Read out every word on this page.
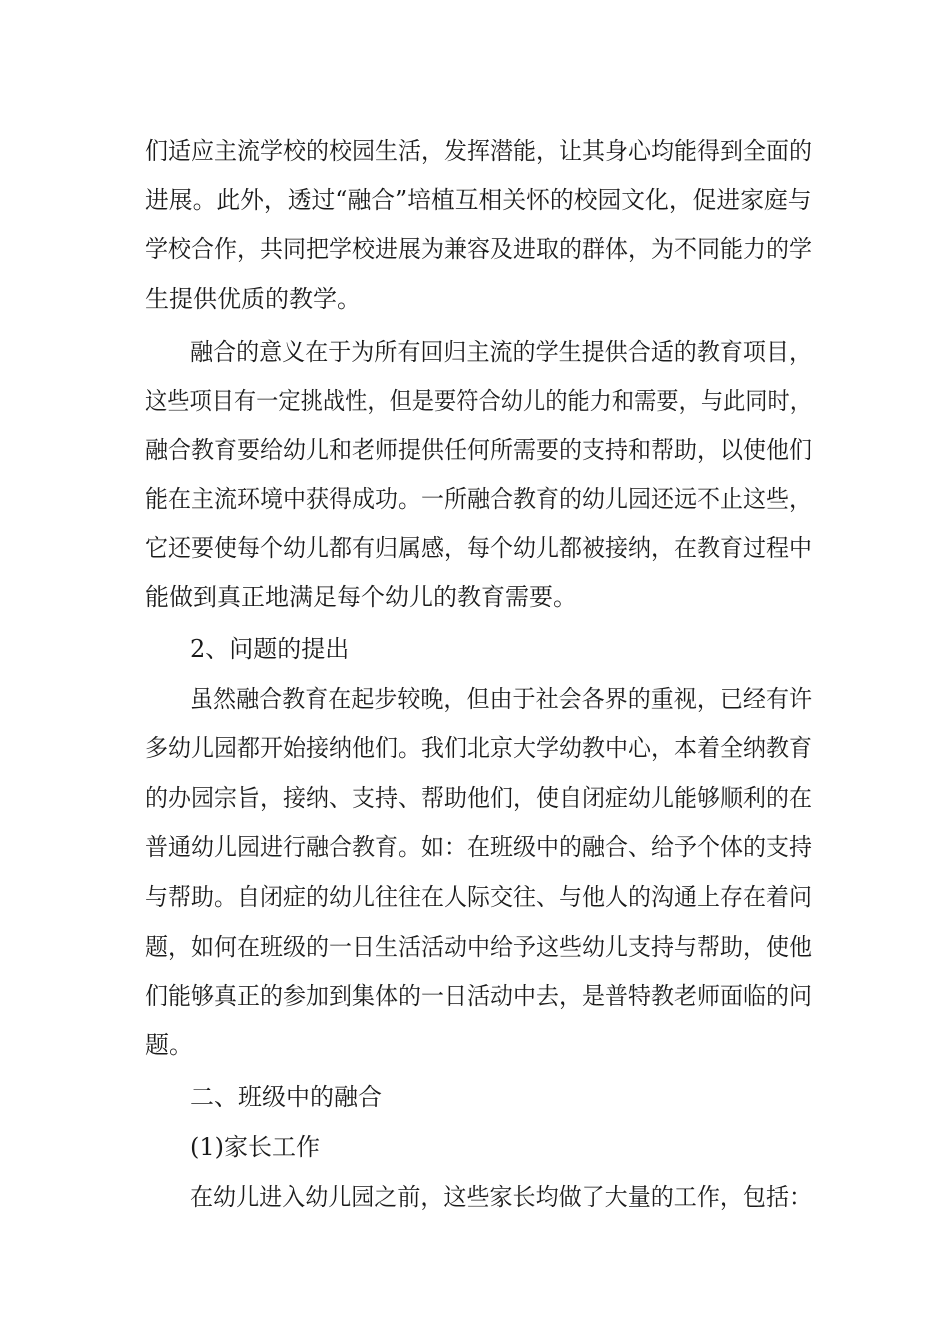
们适应主流学校的校园生活，发挥潜能，让其身心均能得到全面的
进展。此外，透过“融合”培植互相关怀的校园文化，促进家庭与
学校合作，共同把学校进展为兼容及进取的群体，为不同能力的学
生提供优质的教学。
融合的意义在于为所有回归主流的学生提供合适的教育项目，
这些项目有一定挑战性，但是要符合幼儿的能力和需要，与此同时，
融合教育要给幼儿和老师提供任何所需要的支持和帮助，以使他们
能在主流环境中获得成功。一所融合教育的幼儿园还远不止这些，
它还要使每个幼儿都有归属感，每个幼儿都被接纳，在教育过程中
能做到真正地满足每个幼儿的教育需要。
2、问题的提出
虽然融合教育在起步较晚，但由于社会各界的重视，已经有许
多幼儿园都开始接纳他们。我们北京大学幼教中心，本着全纳教育
的办园宗旨，接纳、支持、帮助他们，使自闭症幼儿能够顺利的在
普通幼儿园进行融合教育。如：在班级中的融合、给予个体的支持
与帮助。自闭症的幼儿往往在人际交往、与他人的沟通上存在着问
题，如何在班级的一日生活活动中给予这些幼儿支持与帮助，使他
们能够真正的参加到集体的一日活动中去，是普特教老师面临的问
题。
二、班级中的融合
(1)家长工作
在幼儿进入幼儿园之前，这些家长均做了大量的工作，包括：
